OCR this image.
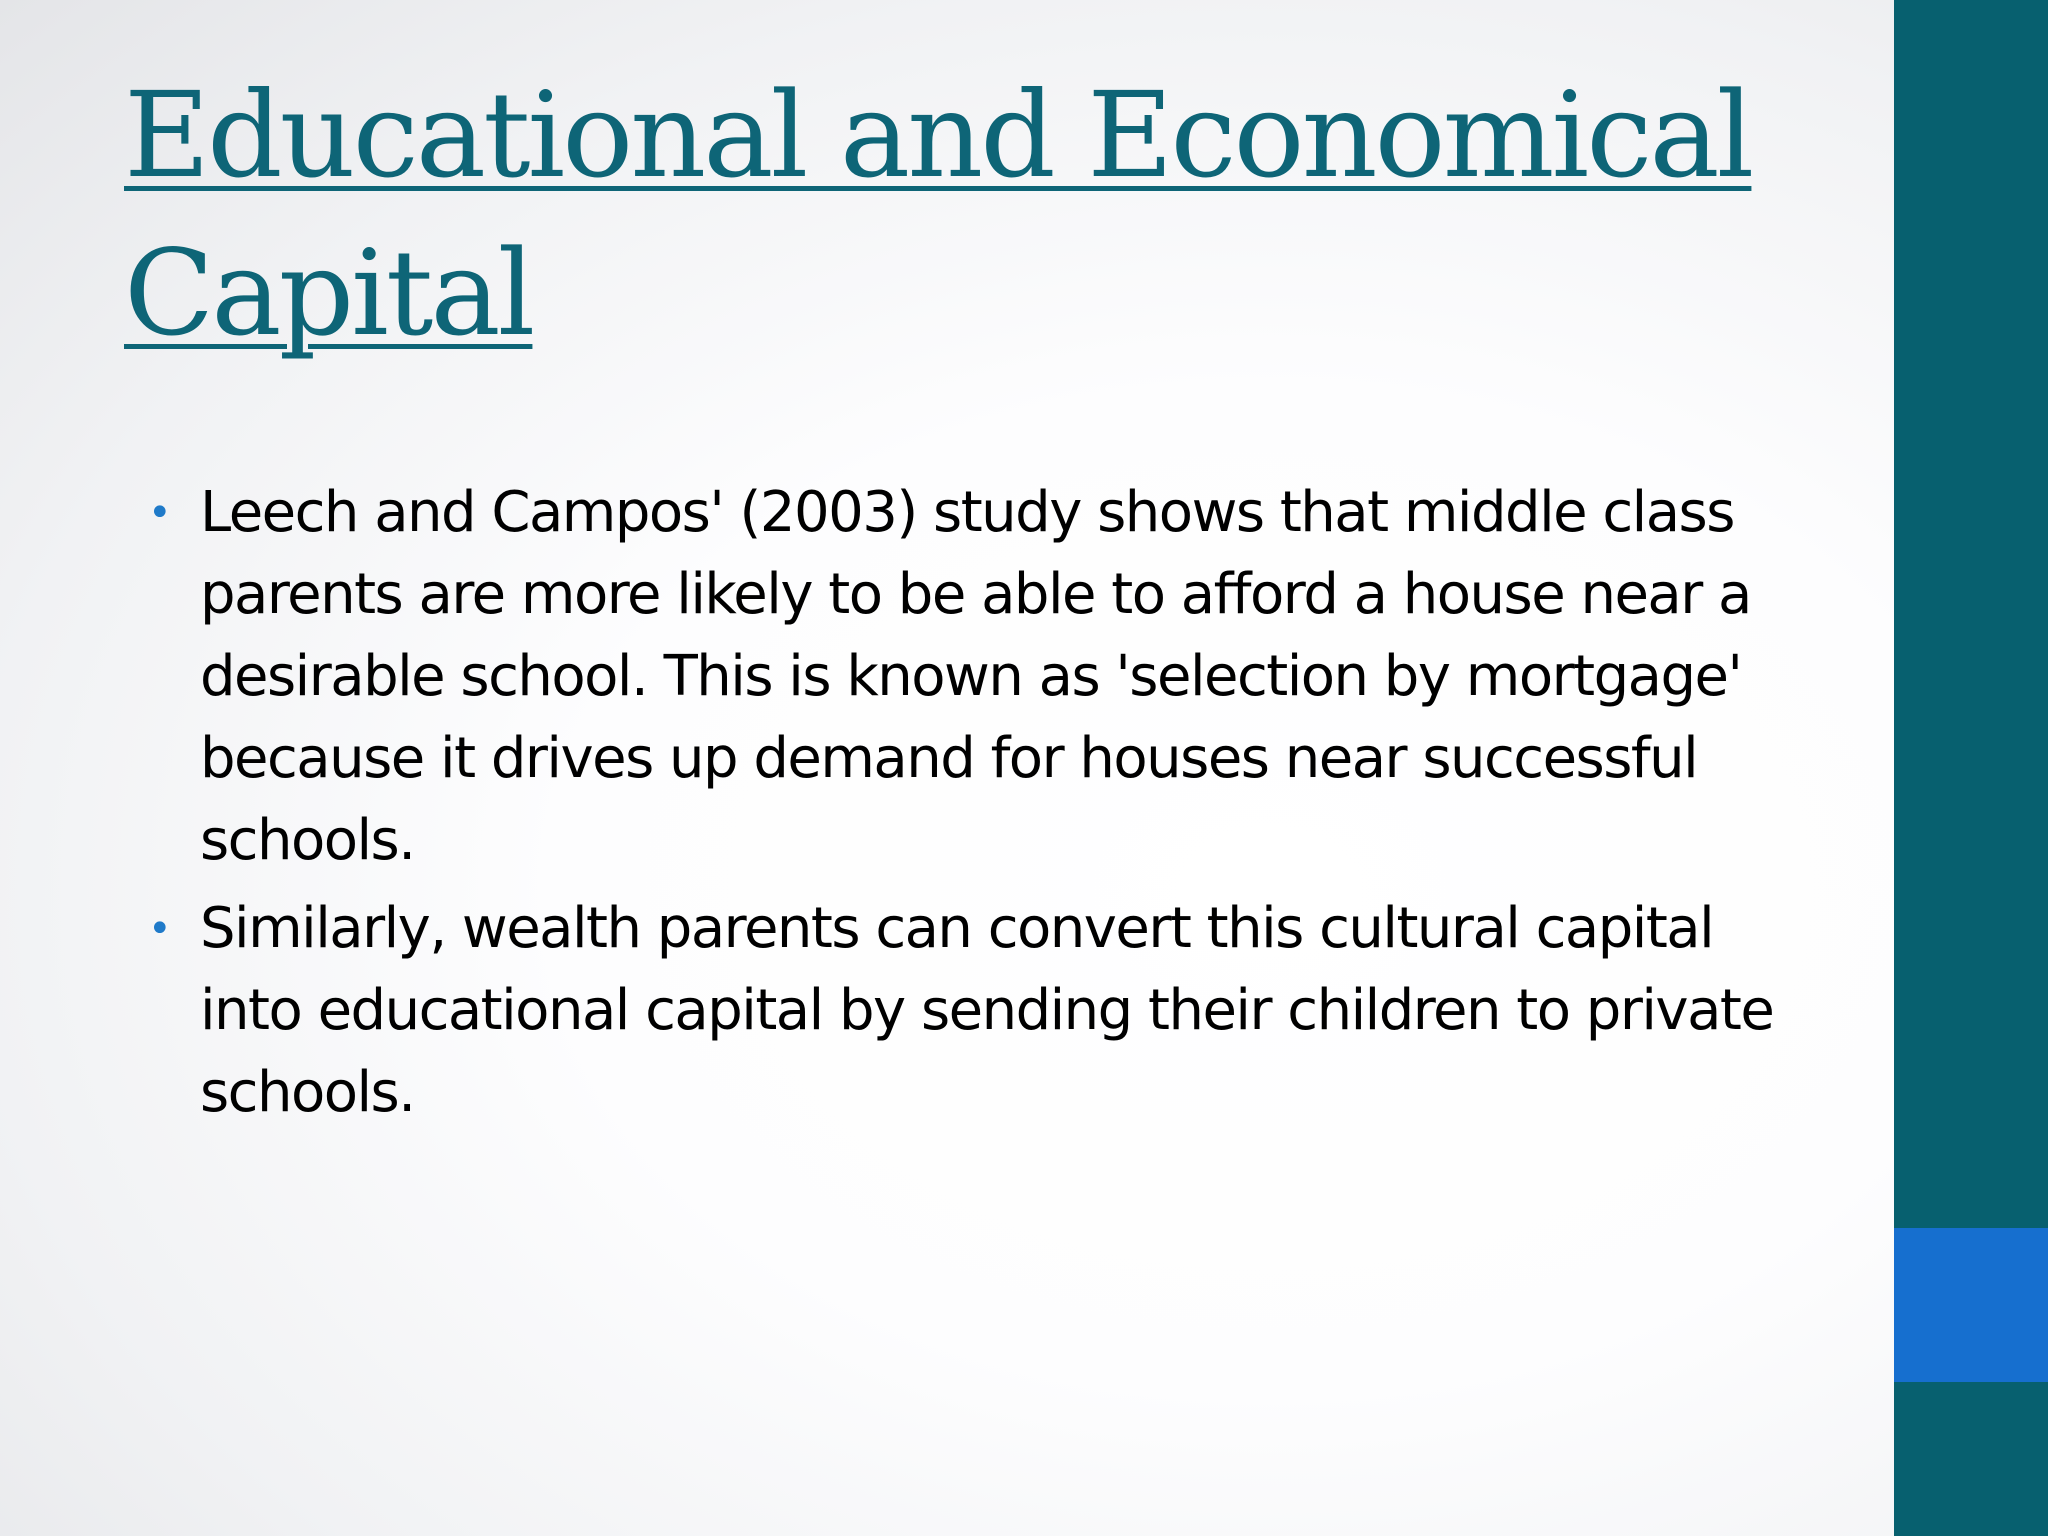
Educational and Economical Capital
• Leech and Campos' (2003) study shows that middle class parents are more likely to be able to afford a house near a desirable school. This is known as 'selection by mortgage' because it drives up demand for houses near successful schools.
• Similarly, wealth parents can convert this cultural capital into educational capital by sending their children to private schools.
